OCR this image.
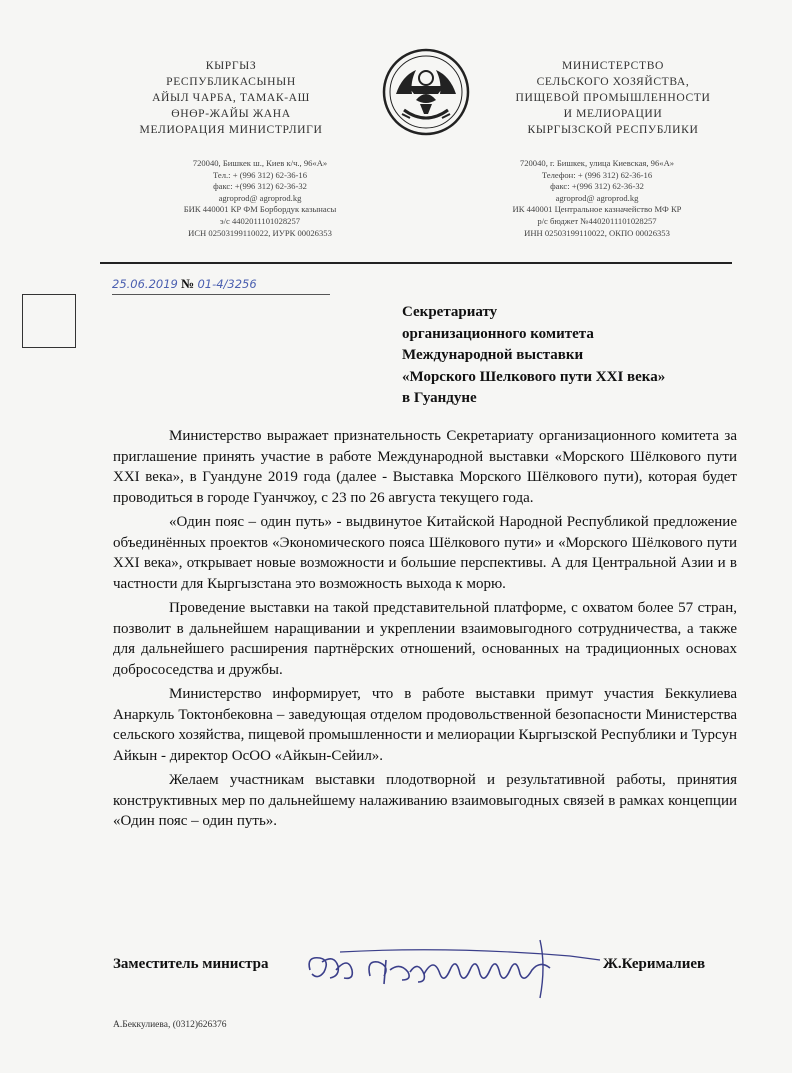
КЫРГЫЗ
РЕСПУБЛИКАСЫНЫН
АЙЫЛ ЧАРБА, ТАМАК-АШ
ӨНӨР-ЖАЙЫ ЖАНА
МЕЛИОРАЦИЯ МИНИСТРЛИГИ
720040, Бишкек ш., Киев к/ч., 96«А»
Тел.: + (996 312) 62-36-16
факс: +(996 312) 62-36-32
agroprod@ agroprod.kg
БИК 440001 КР ФМ Борбордук казынасы
э/с 4402011101028257
ИСН 02503199110022, ИУРК 00026353
МИНИСТЕРСТВО
СЕЛЬСКОГО ХОЗЯЙСТВА,
ПИЩЕВОЙ ПРОМЫШЛЕННОСТИ
И МЕЛИОРАЦИИ
КЫРГЫЗСКОЙ РЕСПУБЛИКИ
720040, г. Бишкек, улица Киевская, 96«А»
Телефон: + (996 312) 62-36-16
факс: +(996 312) 62-36-32
agroprod@ agroprod.kg
ИК 440001 Центральное казначейство МФ КР
р/с бюджет №4402011101028257
ИНН 02503199110022, ОКПО 00026353
25.06.2019 № 01-4/3256
Секретариату
организационного комитета
Международной выставки
«Морского Шелкового пути XXI века»
в Гуандуне

Министерство выражает признательность Секретариату организационного комитета за приглашение принять участие в работе Международной выставки «Морского Шёлкового пути XXI века», в Гуандуне 2019 года (далее - Выставка Морского Шёлкового пути), которая будет проводиться в городе Гуанчжоу, с 23 по 26 августа текущего года.

«Один пояс – один путь» - выдвинутое Китайской Народной Республикой предложение объединённых проектов «Экономического пояса Шёлкового пути» и «Морского Шёлкового пути XXI века», открывает новые возможности и большие перспективы. А для Центральной Азии и в частности для Кыргызстана это возможность выхода к морю.

Проведение выставки на такой представительной платформе, с охватом более 57 стран, позволит в дальнейшем наращивании и укреплении взаимовыгодного сотрудничества, а также для дальнейшего расширения партнёрских отношений, основанных на традиционных основах добрососедства и дружбы.

Министерство информирует, что в работе выставки примут участия Беккулиева Анаркуль Токтонбековна – заведующая отделом продовольственной безопасности Министерства сельского хозяйства, пищевой промышленности и мелиорации Кыргызской Республики и Турсун Айкын - директор ОсОО «Айкын-Сейил».

Желаем участникам выставки плодотворной и результативной работы, принятия конструктивных мер по дальнейшему налаживанию взаимовыгодных связей в рамках концепции «Один пояс – один путь».

Заместитель министра	Ж.Керималиев
А.Беккулиева, (0312)626376
